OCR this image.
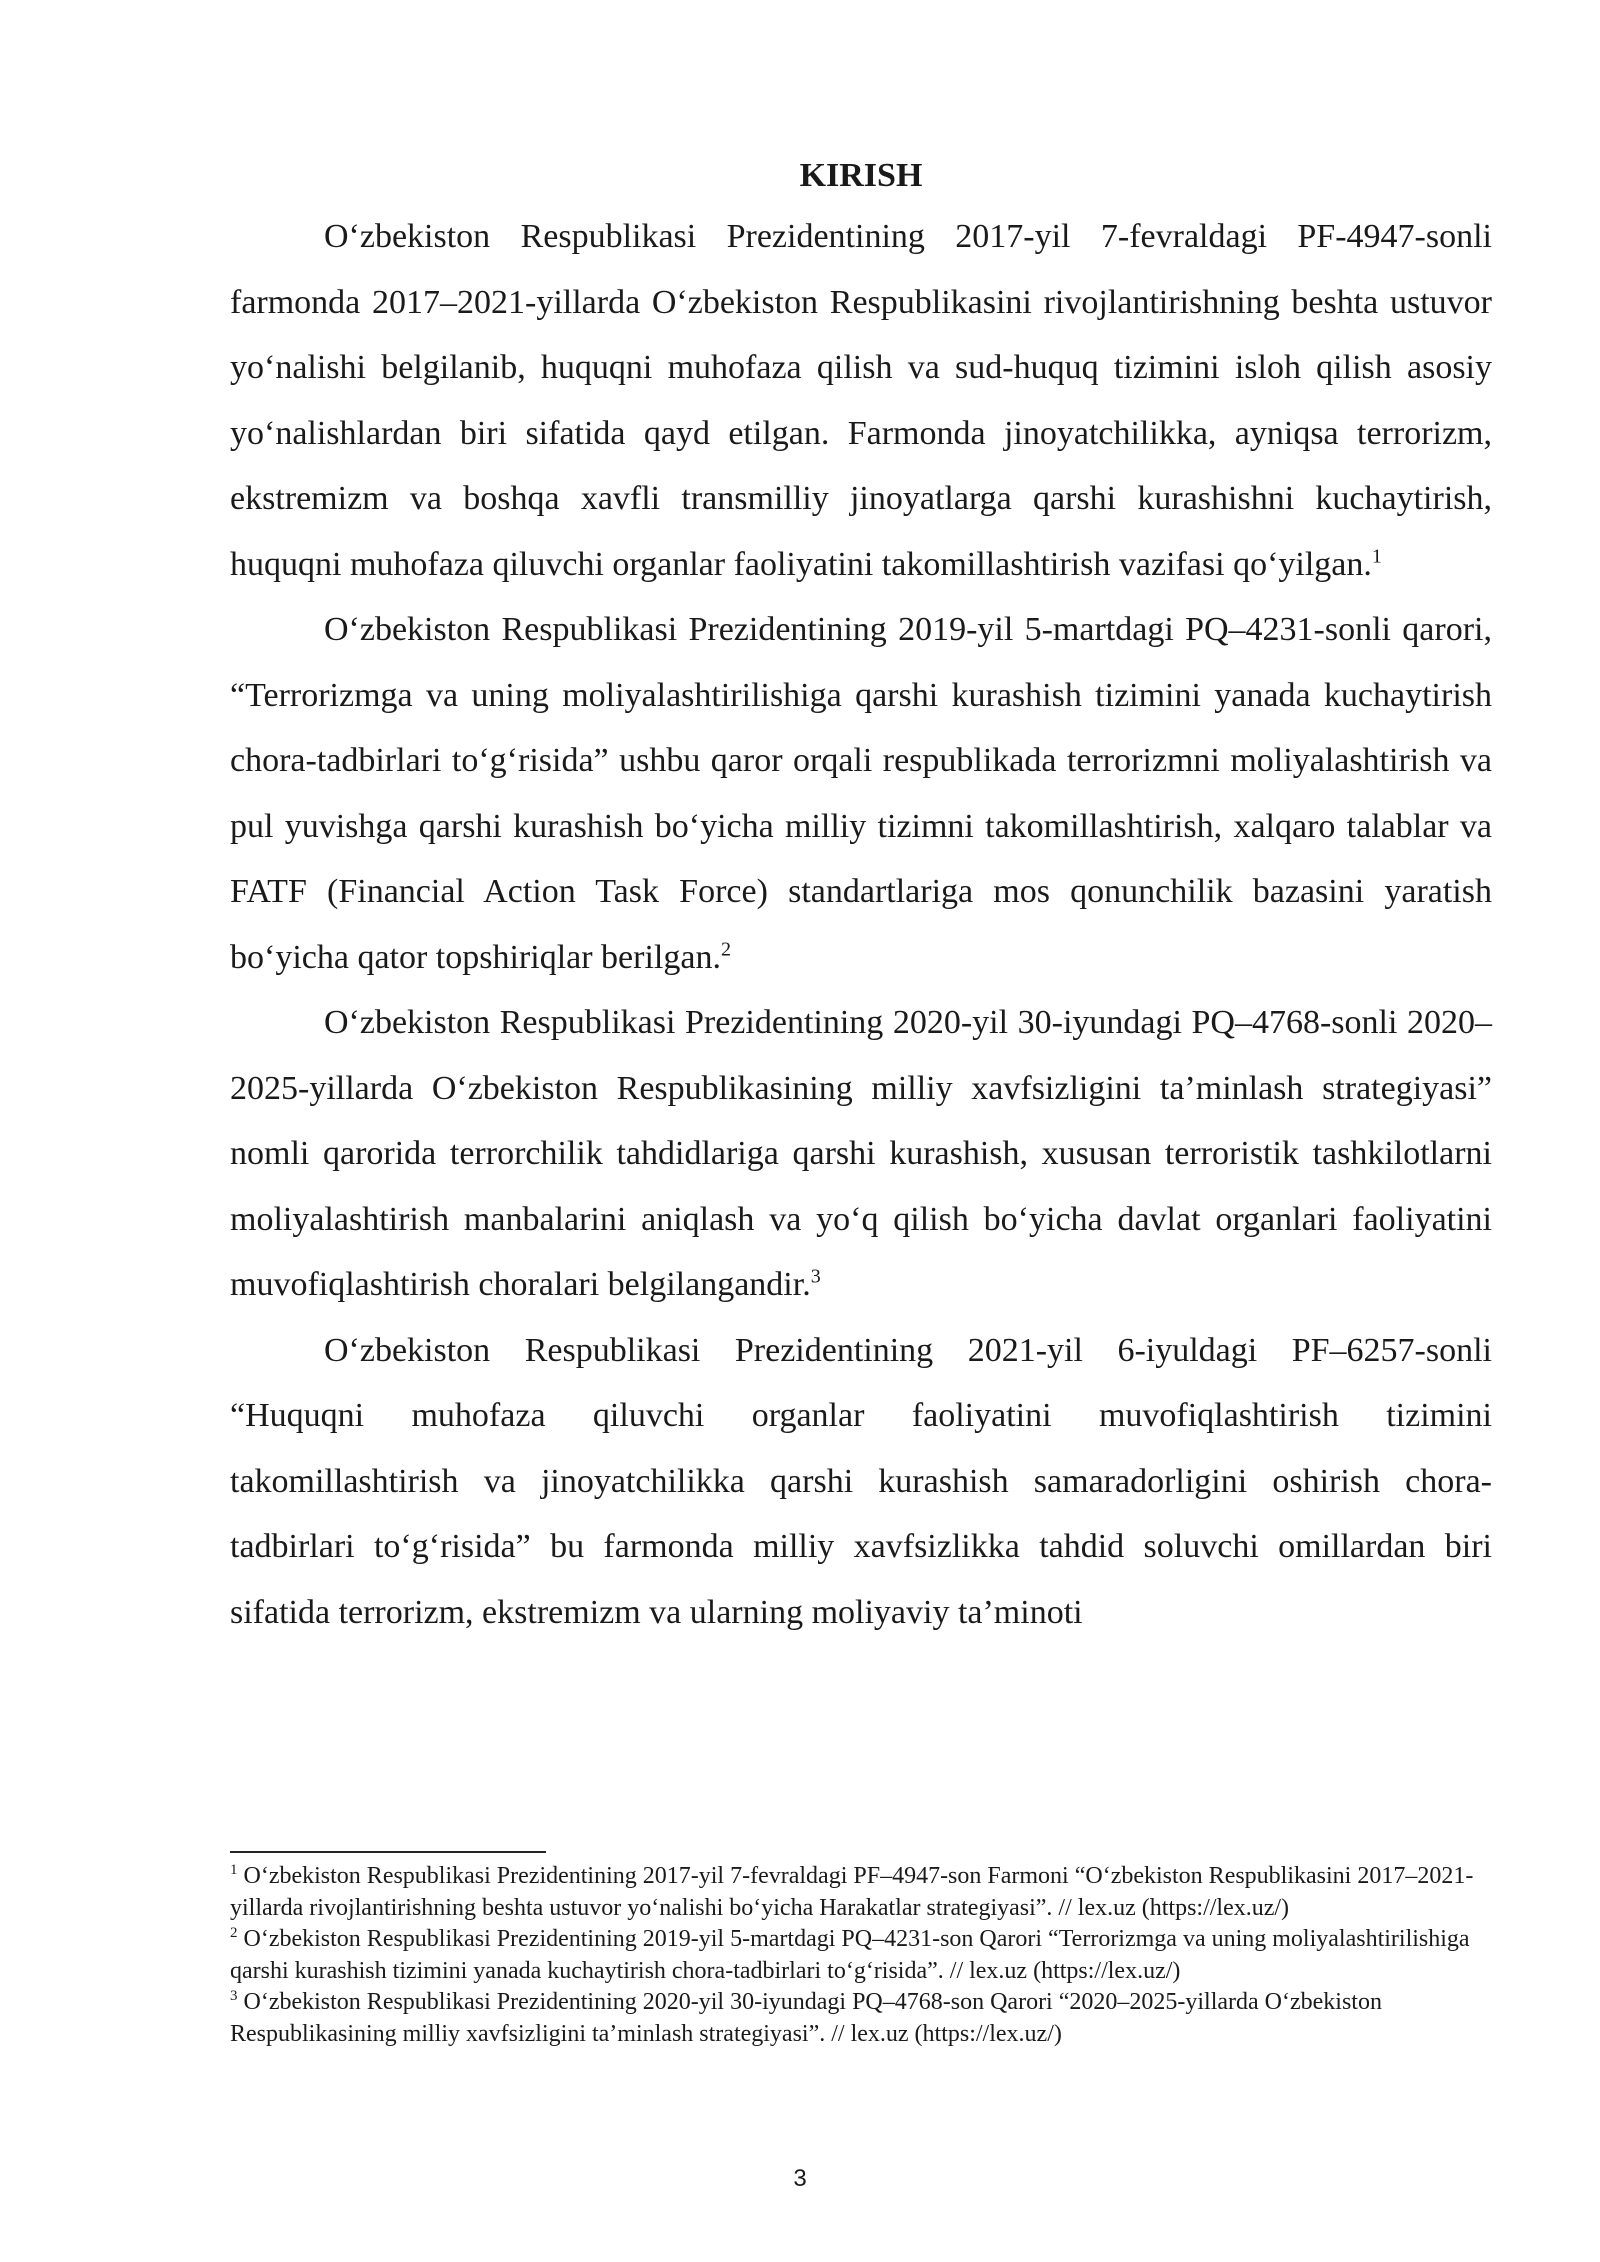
KIRISH

O‘zbekiston Respublikasi Prezidentining 2017-yil 7-fevraldagi PF-4947-sonli farmonda 2017–2021-yillarda O‘zbekiston Respublikasini rivojlantirishning beshta ustuvor yo‘nalishi belgilanib, huquqni muhofaza qilish va sud-huquq tizimini isloh qilish asosiy yo‘nalishlardan biri sifatida qayd etilgan. Farmonda jinoyatchilikka, ayniqsa terrorizm, ekstremizm va boshqa xavfli transmilliy jinoyatlarga qarshi kurashishni kuchaytirish, huquqni muhofaza qiluvchi organlar faoliyatini takomillashtirish vazifasi qo‘yilgan.$^1$

O‘zbekiston Respublikasi Prezidentining 2019-yil 5-martdagi PQ–4231-sonli qarori, “Terrorizmga va uning moliyalashtirilishiga qarshi kurashish tizimini yanada kuchaytirish chora-tadbirlari to‘g‘risida” ushbu qaror orqali respublikada terrorizmni moliyalashtirish va pul yuvishga qarshi kurashish bo‘yicha milliy tizimni takomillashtirish, xalqaro talablar va FATF (Financial Action Task Force) standartlariga mos qonunchilik bazasini yaratish bo‘yicha qator topshiriqlar berilgan.$^2$

O‘zbekiston Respublikasi Prezidentining 2020-yil 30-iyundagi PQ–4768-sonli 2020–2025-yillarda O‘zbekiston Respublikasining milliy xavfsizligini ta’minlash strategiyasi” nomli qarorida terrorchilik tahdidlariga qarshi kurashish, xususan terroristik tashkilotlarni moliyalashtirish manbalarini aniqlash va yo‘q qilish bo‘yicha davlat organlari faoliyatini muvofiqlashtirish choralari belgilangandir.$^3$

O‘zbekiston Respublikasi Prezidentining 2021-yil 6-iyuldagi PF–6257-sonli “Huquqni muhofaza qiluvchi organlar faoliyatini muvofiqlashtirish tizimini takomillashtirish va jinoyatchilikka qarshi kurashish samaradorligini oshirish chora-tadbirlari to‘g‘risida” bu farmonda milliy xavfsizlikka tahdid soluvchi omillardan biri sifatida terrorizm, ekstremizm va ularning moliyaviy ta’minoti

$^1$ O‘zbekiston Respublikasi Prezidentining 2017-yil 7-fevraldagi PF–4947-son Farmoni “O‘zbekiston Respublikasini 2017–2021-yillarda rivojlantirishning beshta ustuvor yo‘nalishi bo‘yicha Harakatlar strategiyasi”. // lex.uz (https://lex.uz/)

$^2$ O‘zbekiston Respublikasi Prezidentining 2019-yil 5-martdagi PQ–4231-son Qarori “Terrorizmga va uning moliyalashtirilishiga qarshi kurashish tizimini yanada kuchaytirish chora-tadbirlari to‘g‘risida”. // lex.uz (https://lex.uz/)

$^3$ O‘zbekiston Respublikasi Prezidentining 2020-yil 30-iyundagi PQ–4768-son Qarori “2020–2025-yillarda O‘zbekiston Respublikasining milliy xavfsizligini ta’minlash strategiyasi”. // lex.uz (https://lex.uz/)

3
